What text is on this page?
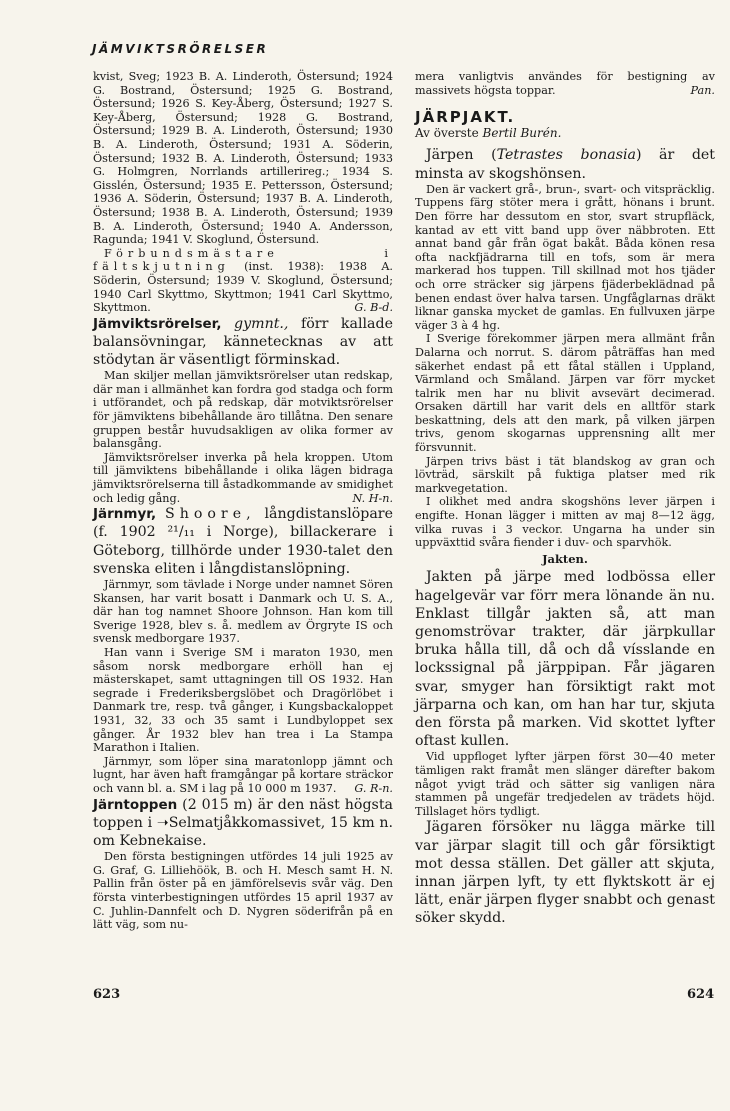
JÄMVIKTSRÖRELSER

kvist, Sveg; 1923 B. A. Linderoth, Östersund; 1924 G. Bostrand, Östersund; 1925 G. Bostrand, Östersund; 1926 S. Key-Åberg, Östersund; 1927 S. Key-Åberg, Östersund; 1928 G. Bostrand, Östersund; 1929 B. A. Linderoth, Östersund; 1930 B. A. Linderoth, Östersund; 1931 A. Söderin, Östersund; 1932 B. A. Linderoth, Östersund; 1933 G. Holmgren, Norrlands artillerireg.; 1934 S. Gisslén, Östersund; 1935 E. Pettersson, Östersund; 1936 A. Söderin, Östersund; 1937 B. A. Linderoth, Östersund; 1938 B. A. Linderoth, Östersund; 1939 B. A. Linderoth, Östersund; 1940 A. Andersson, Ragunda; 1941 V. Skoglund, Östersund.

Förbundsmästare i fältskjutning (inst. 1938): 1938 A. Söderin, Östersund; 1939 V. Skoglund, Östersund; 1940 Carl Skyttmo, Skyttmon; 1941 Carl Skyttmo, Skyttmon.	G. B-d.

Jämviktsrörelser, gymnt., förr kallade balansövningar, kännetecknas av att stödytan är väsentligt förminskad.

Man skiljer mellan jämviktsrörelser utan redskap, där man i allmänhet kan fordra god stadga och form i utförandet, och på redskap, där motviktsrörelser för jämviktens bibehållande äro tillåtna. Den senare gruppen består huvudsakligen av olika former av balansgång.

Jämviktsrörelser inverka på hela kroppen. Utom till jämviktens bibehållande i olika lägen bidraga jämviktsrörelserna till åstadkommande av smidighet och ledig gång.	N. H-n.

Järnmyr, Shoore, långdistanslöpare (f. 1902 ²¹/₁₁ i Norge), billackerare i Göteborg, tillhörde under 1930-talet den svenska eliten i långdistanslöpning.

Järnmyr, som tävlade i Norge under namnet Sören Skansen, har varit bosatt i Danmark och U. S. A., där han tog namnet Shoore Johnson. Han kom till Sverige 1928, blev s. å. medlem av Örgryte IS och svensk medborgare 1937.

Han vann i Sverige SM i maraton 1930, men såsom norsk medborgare erhöll han ej mästerskapet, samt uttagningen till OS 1932. Han segrade i Frederiksbergslöbet och Dragörlöbet i Danmark tre, resp. två gånger, i Kungsbackaloppet 1931, 32, 33 och 35 samt i Lundbyloppet sex gånger. År 1932 blev han trea i La Stampa Marathon i Italien.

Järnmyr, som löper sina maratonlopp jämnt och lugnt, har även haft framgångar på kortare sträckor och vann bl. a. SM i lag på 10 000 m 1937.	G. R-n.

Järntoppen (2 015 m) är den näst högsta toppen i ➝Selmatjåkkomassivet, 15 km n. om Kebnekaise.

Den första bestigningen utfördes 14 juli 1925 av G. Graf, G. Lilliehöök, B. och H. Mesch samt H. N. Pallin från öster på en jämförelsevis svår väg. Den första vinterbestigningen utfördes 15 april 1937 av C. Juhlin-Dannfelt och D. Nygren söderifrån på en lätt väg, som nu-

mera vanligtvis användes för bestigning av massivets högsta toppar.	Pan.

JÄRPJAKT.

Av överste Bertil Burén.

Järpen (Tetrastes bonasia) är det minsta av skogshönsen.

Den är vackert grå-, brun-, svart- och vitspräcklig. Tuppens färg stöter mera i grått, hönans i brunt. Den förre har dessutom en stor, svart strupfläck, kantad av ett vitt band upp över näbbroten. Ett annat band går från ögat bakåt. Båda könen resa ofta nackfjädrarna till en tofs, som är mera markerad hos tuppen. Till skillnad mot hos tjäder och orre sträcker sig järpens fjäderbeklädnad på benen endast över halva tarsen. Ungfåglarnas dräkt liknar ganska mycket de gamlas. En fullvuxen järpe väger 3 à 4 hg.

I Sverige förekommer järpen mera allmänt från Dalarna och norrut. S. därom påträffas han med säkerhet endast på ett fåtal ställen i Uppland, Värmland och Småland. Järpen var förr mycket talrik men har nu blivit avsevärt decimerad. Orsaken därtill har varit dels en alltför stark beskattning, dels att den mark, på vilken järpen trivs, genom skogarnas upprensning allt mer försvunnit.

Järpen trivs bäst i tät blandskog av gran och lövträd, särskilt på fuktiga platser med rik markvegetation.

I olikhet med andra skogshöns lever järpen i engifte. Honan lägger i mitten av maj 8—12 ägg, vilka ruvas i 3 veckor. Ungarna ha under sin uppväxttid svåra fiender i duv- och sparvhök.

Jakten.

Jakten på järpe med lodbössa eller hagelgevär var förr mera lönande än nu. Enklast tillgår jakten så, att man genomströvar trakter, där järpkullar bruka hålla till, då och då vísslande en lockssignal på järppipan. Får jägaren svar, smyger han försiktigt rakt mot järparna och kan, om han har tur, skjuta den första på marken. Vid skottet lyfter oftast kullen.

Vid uppfloget lyfter järpen först 30—40 meter tämligen rakt framåt men slänger därefter bakom något yvigt träd och sätter sig vanligen nära stammen på ungefär tredjedelen av trädets höjd. Tillslaget hörs tydligt.

Jägaren försöker nu lägga märke till var järpar slagit till och går försiktigt mot dessa ställen. Det gäller att skjuta, innan järpen lyft, ty ett flyktskott är ej lätt, enär järpen flyger snabbt och genast söker skydd.

623	624
